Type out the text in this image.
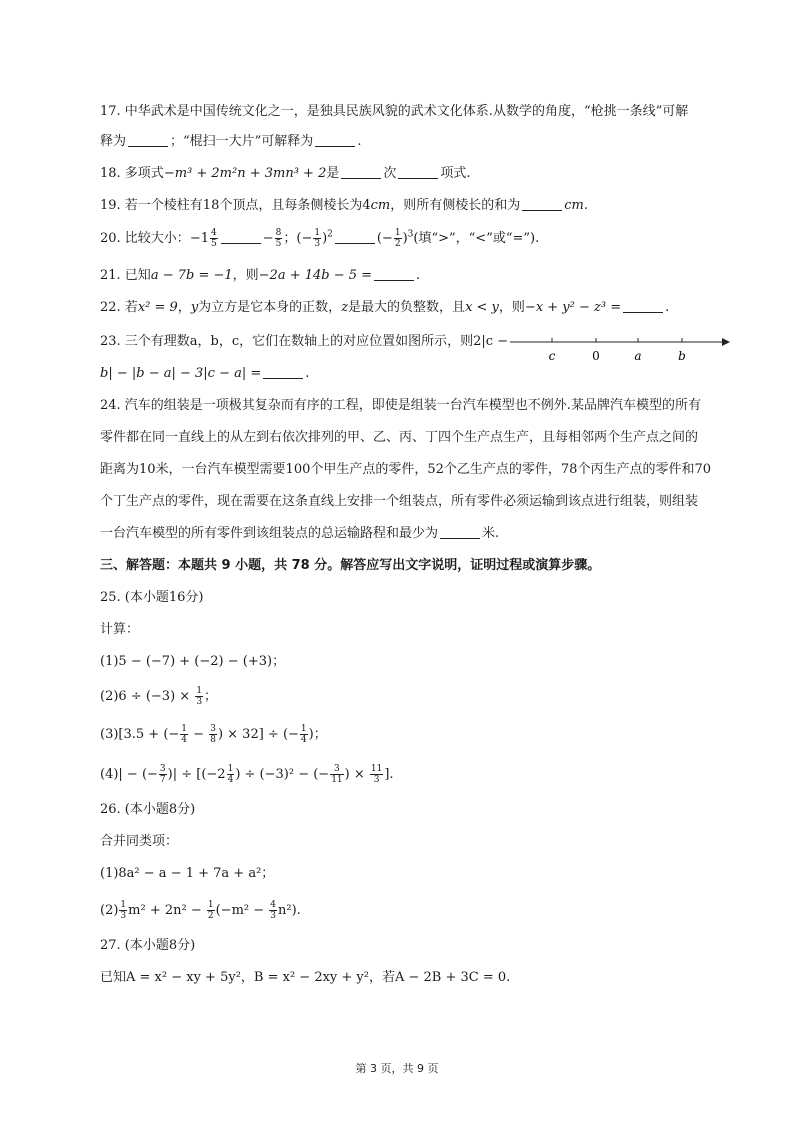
17. 中华武术是中国传统文化之一，是独具民族风貌的武术文化体系.从数学的角度，“枪挑一条线”可解
释为	；“棍扫一大片”可解释为	.
18. 多项式−m³ + 2m²n + 3mn³ + 2是	次	项式.
19. 若一个棱柱有18个顶点，且每条侧棱长为4cm，则所有侧棱长的和为	cm.
20. 比较大小：$-1 \frac{4}{5}$	− $\frac{8}{5}$ ；(− $\frac{1}{3} )^2$	(− $\frac{1}{2} )^3$(填“>”，“<”或“=”).
21. 已知a − 7b = −1，则−2a + 14b − 5 =	.
22. 若x² = 9，y为立方是它本身的正数，z是最大的负整数，且x < y，则−x + y² − z³ =	.
23. 三个有理数a，b，c，它们在数轴上的对应位置如图所示，则2|c −
b| − |b − a| − 3|c − a| =	.
c	0	a	b
24. 汽车的组装是一项极其复杂而有序的工程，即使是组装一台汽车模型也不例外.某品牌汽车模型的所有
零件都在同一直线上的从左到右依次排列的甲、乙、丙、丁四个生产点生产，且每相邻两个生产点之间的
距离为10米，一台汽车模型需要100个甲生产点的零件，52个乙生产点的零件，78个丙生产点的零件和70
个丁生产点的零件，现在需要在这条直线上安排一个组装点，所有零件必须运输到该点进行组装，则组装
一台汽车模型的所有零件到该组装点的总运输路程和最少为	米.
三、解答题：本题共 9 小题，共 78 分。解答应写出文字说明，证明过程或演算步骤。
25. (本小题16分)
计算：
(1)5 − (−7) + (−2) − (+3)；
$(2)6 \div (-3) \times \frac{1}{3}$ ；
(3)[3.5 + (− $\frac{1}{4} - \frac{3}{8}$ ) × 32] ÷ (− $\frac{1}{4}$ )；
(4)| − (− $\frac{3}{7}$ )| ÷ [($-2 \frac{1}{4}$ ) ÷ (−3)² − (− $\frac{3}{11}$ ) × $\frac{11}{3}$ ].
26. (本小题8分)
合并同类项：
(1)8a² − a − 1 + 7a + a²；
$(2) \frac{1}{3} m^2 + 2n^2 - \frac{1}{2} (-m^2 - \frac{4}{3} n^2)$.
27. (本小题8分)
已知A = x² − xy + 5y²，B = x² − 2xy + y²，若A − 2B + 3C = 0.
第 3 页，共 9 页
